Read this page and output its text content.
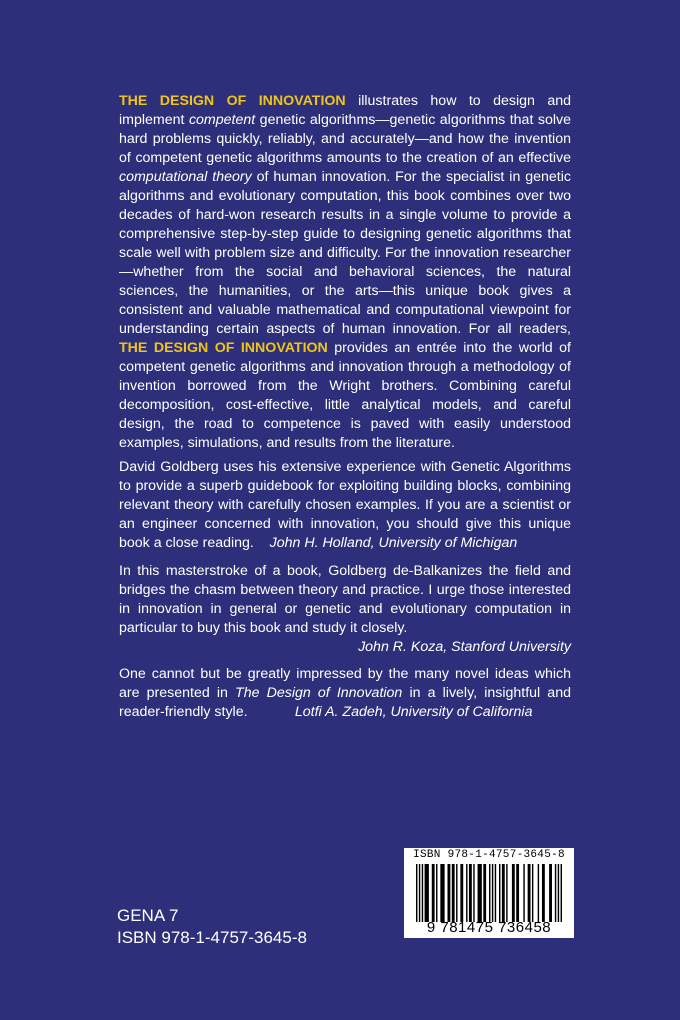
THE DESIGN OF INNOVATION illustrates how to design and implement competent genetic algorithms—genetic algorithms that solve hard problems quickly, reliably, and accurately—and how the invention of competent genetic algorithms amounts to the creation of an effective computational theory of human innovation. For the specialist in genetic algorithms and evolutionary computation, this book combines over two decades of hard-won research results in a single volume to provide a comprehensive step-by-step guide to designing genetic algorithms that scale well with problem size and difficulty. For the innovation researcher—whether from the social and behavioral sciences, the natural sciences, the humanities, or the arts—this unique book gives a consistent and valuable mathematical and computational viewpoint for understanding certain aspects of human innovation. For all readers, THE DESIGN OF INNOVATION provides an entrée into the world of competent genetic algorithms and innovation through a methodology of invention borrowed from the Wright brothers. Combining careful decomposition, cost-effective, little analytical models, and careful design, the road to competence is paved with easily understood examples, simulations, and results from the literature.

David Goldberg uses his extensive experience with Genetic Algorithms to provide a superb guidebook for exploiting building blocks, combining relevant theory with carefully chosen examples. If you are a scientist or an engineer concerned with innovation, you should give this unique book a close reading. John H. Holland, University of Michigan

In this masterstroke of a book, Goldberg de-Balkanizes the field and bridges the chasm between theory and practice. I urge those interested in innovation in general or genetic and evolutionary computation in particular to buy this book and study it closely.
John R. Koza, Stanford University

One cannot but be greatly impressed by the many novel ideas which are presented in The Design of Innovation in a lively, insightful and reader-friendly style.	Lotfi A. Zadeh, University of California

GENA 7
ISBN 978-1-4757-3645-8
ISBN 978-1-4757-3645-8
9 781475 736458
